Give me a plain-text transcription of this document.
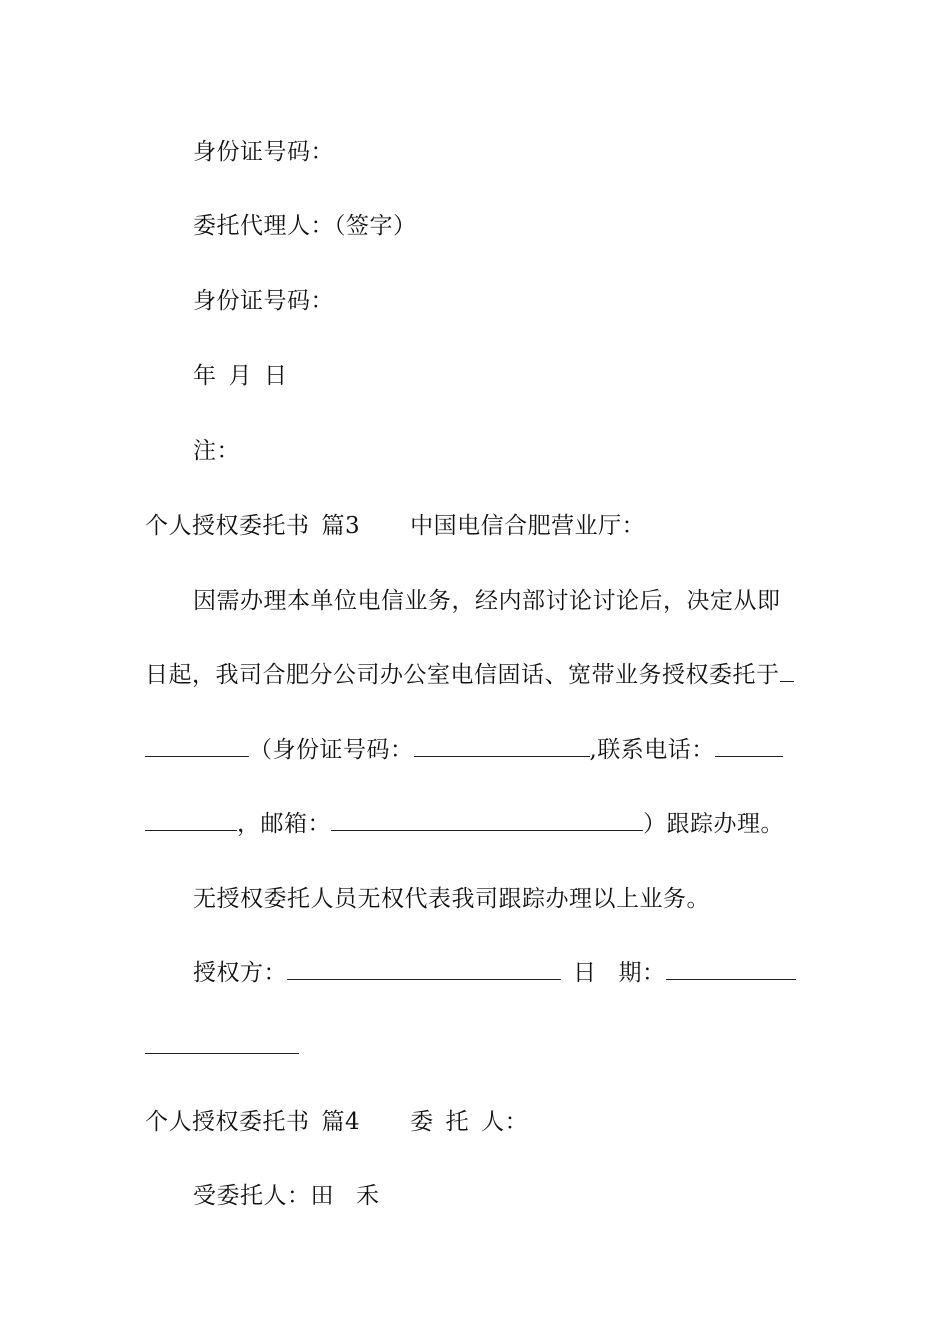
身份证号码：
委托代理人：（签字）
身份证号码：
年 月 日
注：
个人授权委托书 篇3 中国电信合肥营业厅：
因需办理本单位电信业务，经内部讨论讨论后，决定从即
日起，我司合肥分公司办公室电信固话、宽带业务授权委托于
（身份证号码：	,联系电话：
，邮箱：	）跟踪办理。
无授权委托人员无权代表我司跟踪办理以上业务。
授权方：	日 期：
个人授权委托书 篇4 委 托 人：
受委托人：田 禾
